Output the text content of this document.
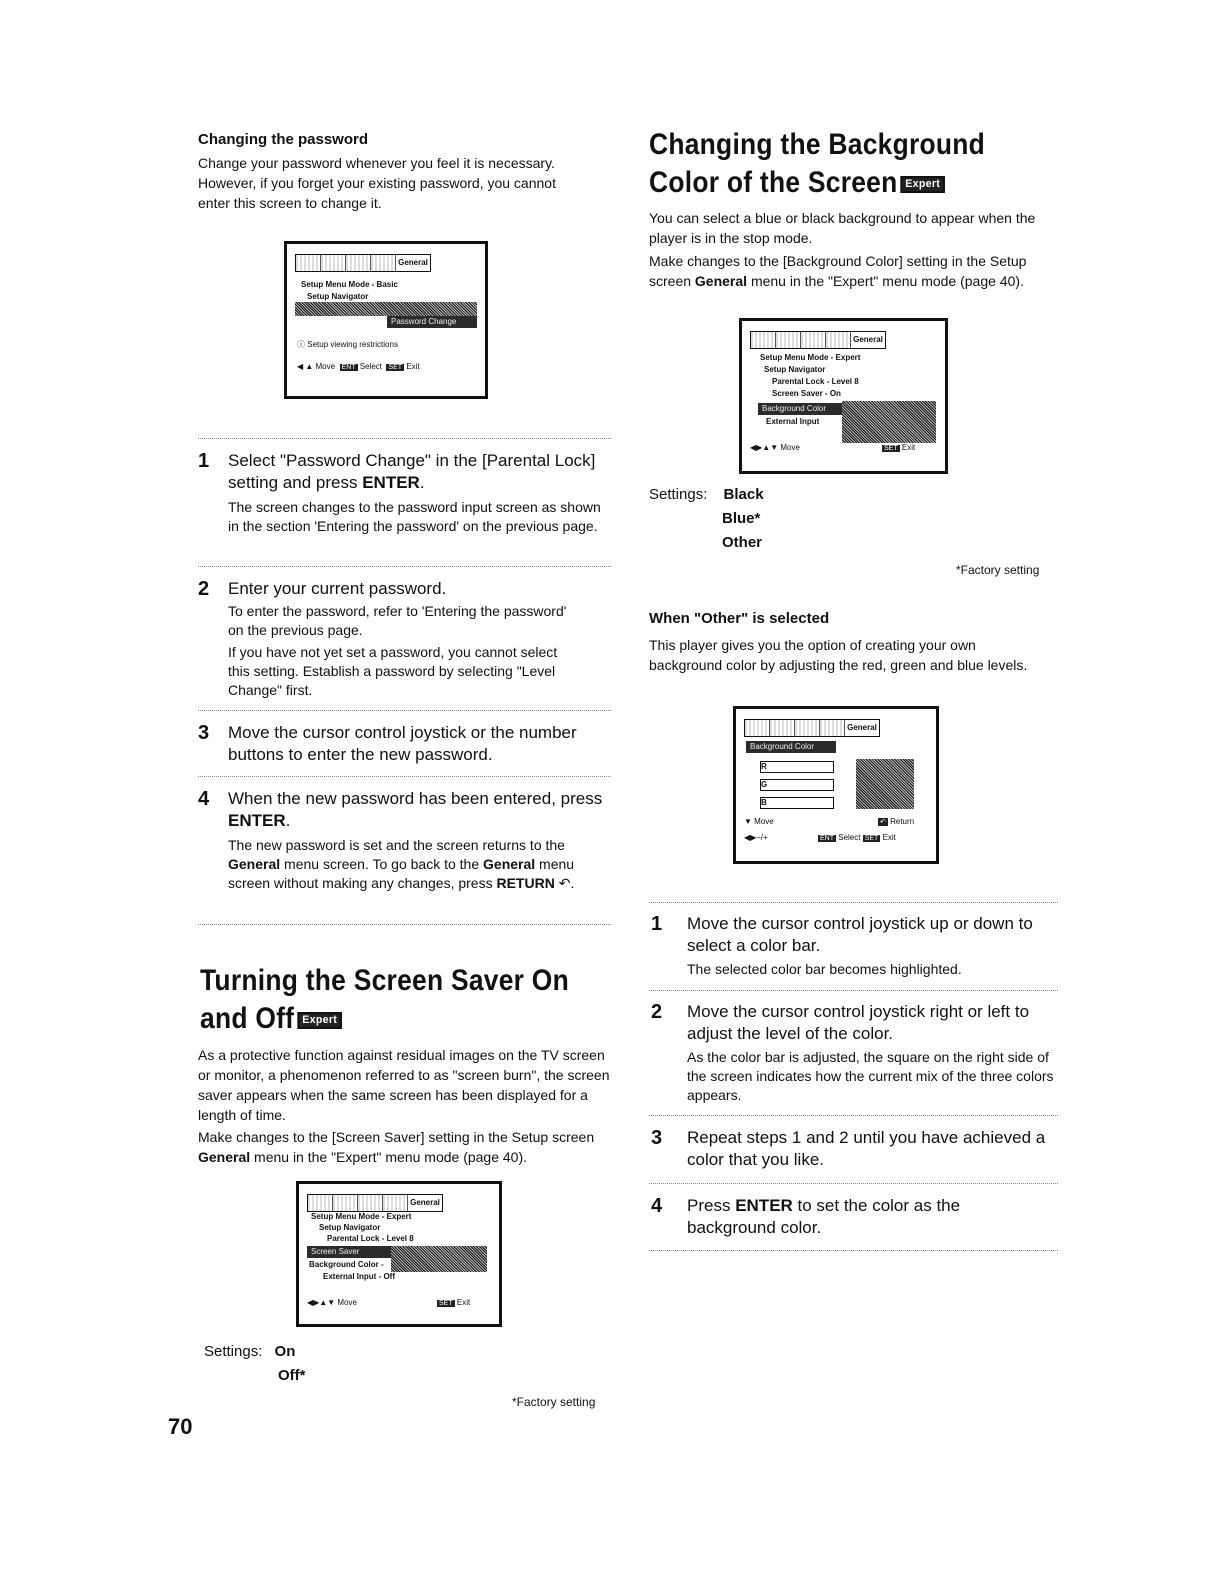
Changing the password

Change your password whenever you feel it is necessary. However, if you forget your existing password, you cannot enter this screen to change it.

General
Setup Menu Mode - Basic
Setup Navigator
Password Change
ⓘ Setup viewing restrictions
◀ ▲ Move ENT Select SET Exit
1 Select "Password Change" in the [Parental Lock] setting and press ENTER.
The screen changes to the password input screen as shown in the section 'Entering the password' on the previous page.
2 Enter your current password.
To enter the password, refer to 'Entering the password' on the previous page.
If you have not yet set a password, you cannot select this setting. Establish a password by selecting "Level Change" first.
3 Move the cursor control joystick or the number buttons to enter the new password.
4 When the new password has been entered, press ENTER.
The new password is set and the screen returns to the General menu screen. To go back to the General menu screen without making any changes, press RETURN ↶.
Turning the Screen Saver On
and Off Expert

As a protective function against residual images on the TV screen or monitor, a phenomenon referred to as "screen burn", the screen saver appears when the same screen has been displayed for a length of time.

Make changes to the [Screen Saver] setting in the Setup screen General menu in the "Expert" menu mode (page 40).

General
Setup Menu Mode - Expert
Setup Navigator
Parental Lock - Level 8
Screen Saver
Background Color -
External Input - Off
◀▶▲▼ Move	SET Exit
Settings: On
Off*
*Factory setting
70
Changing the Background
Color of the Screen Expert

You can select a blue or black background to appear when the player is in the stop mode.

Make changes to the [Background Color] setting in the Setup screen General menu in the "Expert" menu mode (page 40).

General
Setup Menu Mode - Expert
Setup Navigator
Parental Lock - Level 8
Screen Saver - On
Background Color
External Input
◀▶▲▼ Move	SET Exit
Settings: Black
Blue*
Other
*Factory setting
When "Other" is selected

This player gives you the option of creating your own background color by adjusting the red, green and blue levels.

General
Background Color
R
G
B
▼ Move	↶ Return
◀▶–/+	ENT Select SET Exit
1 Move the cursor control joystick up or down to select a color bar.
The selected color bar becomes highlighted.
2 Move the cursor control joystick right or left to adjust the level of the color.
As the color bar is adjusted, the square on the right side of the screen indicates how the current mix of the three colors appears.
3 Repeat steps 1 and 2 until you have achieved a color that you like.
4 Press ENTER to set the color as the background color.
